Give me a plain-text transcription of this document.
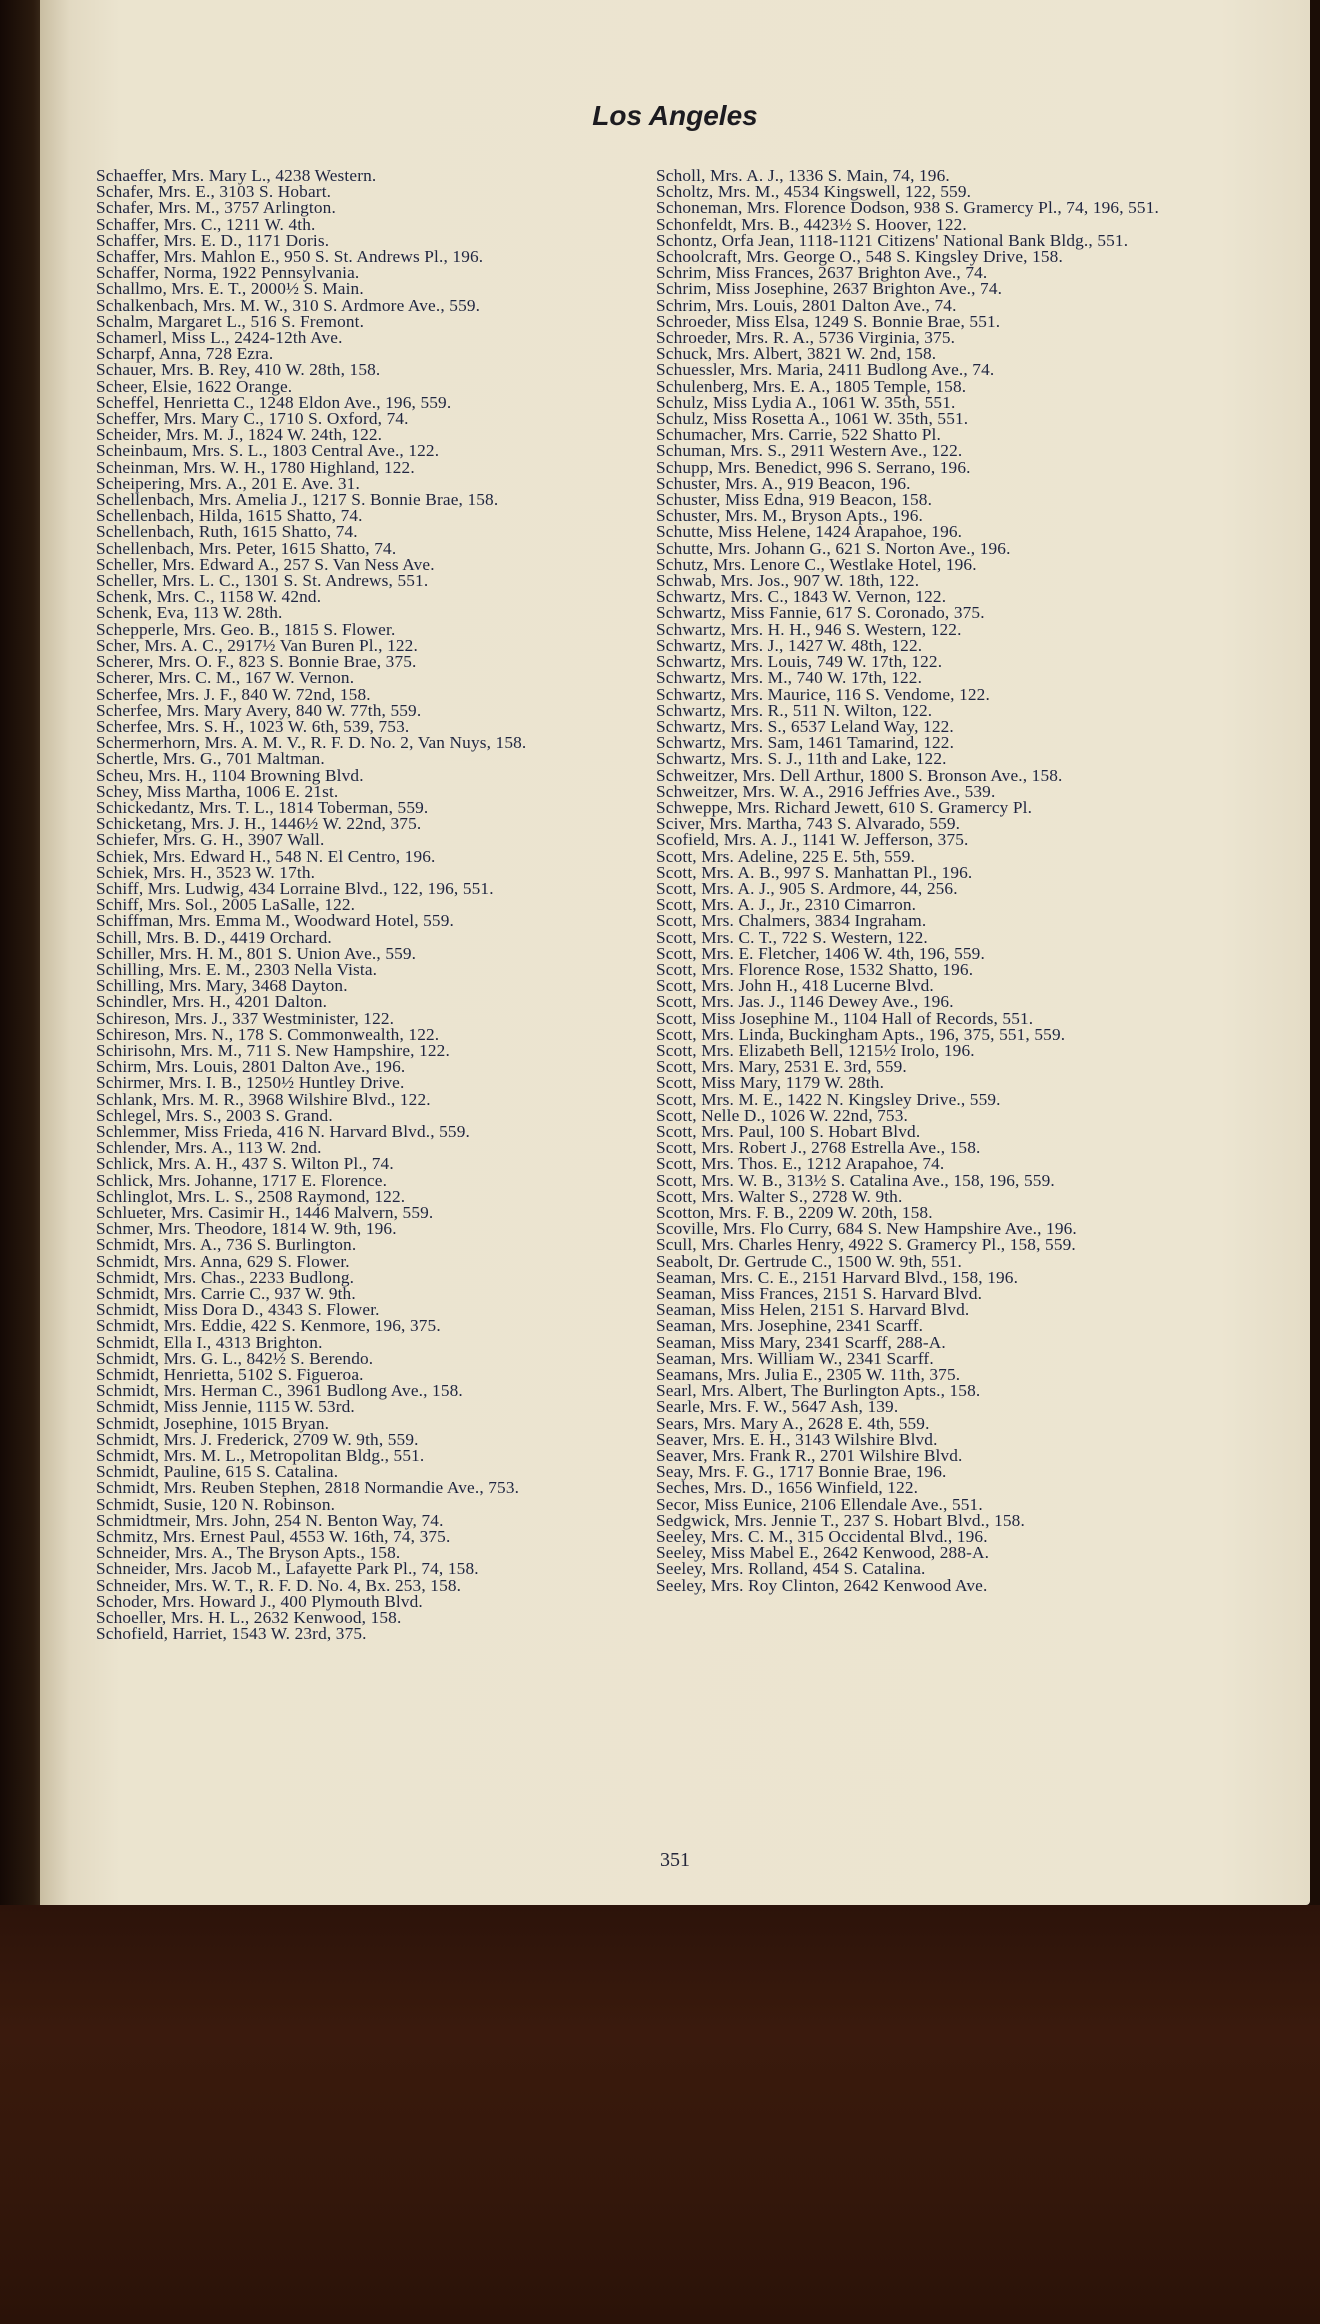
Los Angeles

Schaeffer, Mrs. Mary L., 4238 Western.

Schafer, Mrs. E., 3103 S. Hobart.

Schafer, Mrs. M., 3757 Arlington.

Schaffer, Mrs. C., 1211 W. 4th.

Schaffer, Mrs. E. D., 1171 Doris.

Schaffer, Mrs. Mahlon E., 950 S. St. Andrews Pl., 196.

Schaffer, Norma, 1922 Pennsylvania.

Schallmo, Mrs. E. T., 2000½ S. Main.

Schalkenbach, Mrs. M. W., 310 S. Ardmore Ave., 559.

Schalm, Margaret L., 516 S. Fremont.

Schamerl, Miss L., 2424-12th Ave.

Scharpf, Anna, 728 Ezra.

Schauer, Mrs. B. Rey, 410 W. 28th, 158.

Scheer, Elsie, 1622 Orange.

Scheffel, Henrietta C., 1248 Eldon Ave., 196, 559.

Scheffer, Mrs. Mary C., 1710 S. Oxford, 74.

Scheider, Mrs. M. J., 1824 W. 24th, 122.

Scheinbaum, Mrs. S. L., 1803 Central Ave., 122.

Scheinman, Mrs. W. H., 1780 Highland, 122.

Scheipering, Mrs. A., 201 E. Ave. 31.

Schellenbach, Mrs. Amelia J., 1217 S. Bonnie Brae, 158.

Schellenbach, Hilda, 1615 Shatto, 74.

Schellenbach, Ruth, 1615 Shatto, 74.

Schellenbach, Mrs. Peter, 1615 Shatto, 74.

Scheller, Mrs. Edward A., 257 S. Van Ness Ave.

Scheller, Mrs. L. C., 1301 S. St. Andrews, 551.

Schenk, Mrs. C., 1158 W. 42nd.

Schenk, Eva, 113 W. 28th.

Schepperle, Mrs. Geo. B., 1815 S. Flower.

Scher, Mrs. A. C., 2917½ Van Buren Pl., 122.

Scherer, Mrs. O. F., 823 S. Bonnie Brae, 375.

Scherer, Mrs. C. M., 167 W. Vernon.

Scherfee, Mrs. J. F., 840 W. 72nd, 158.

Scherfee, Mrs. Mary Avery, 840 W. 77th, 559.

Scherfee, Mrs. S. H., 1023 W. 6th, 539, 753.

Schermerhorn, Mrs. A. M. V., R. F. D. No. 2, Van Nuys, 158.

Schertle, Mrs. G., 701 Maltman.

Scheu, Mrs. H., 1104 Browning Blvd.

Schey, Miss Martha, 1006 E. 21st.

Schickedantz, Mrs. T. L., 1814 Toberman, 559.

Schicketang, Mrs. J. H., 1446½ W. 22nd, 375.

Schiefer, Mrs. G. H., 3907 Wall.

Schiek, Mrs. Edward H., 548 N. El Centro, 196.

Schiek, Mrs. H., 3523 W. 17th.

Schiff, Mrs. Ludwig, 434 Lorraine Blvd., 122, 196, 551.

Schiff, Mrs. Sol., 2005 LaSalle, 122.

Schiffman, Mrs. Emma M., Woodward Hotel, 559.

Schill, Mrs. B. D., 4419 Orchard.

Schiller, Mrs. H. M., 801 S. Union Ave., 559.

Schilling, Mrs. E. M., 2303 Nella Vista.

Schilling, Mrs. Mary, 3468 Dayton.

Schindler, Mrs. H., 4201 Dalton.

Schireson, Mrs. J., 337 Westminister, 122.

Schireson, Mrs. N., 178 S. Commonwealth, 122.

Schirisohn, Mrs. M., 711 S. New Hampshire, 122.

Schirm, Mrs. Louis, 2801 Dalton Ave., 196.

Schirmer, Mrs. I. B., 1250½ Huntley Drive.

Schlank, Mrs. M. R., 3968 Wilshire Blvd., 122.

Schlegel, Mrs. S., 2003 S. Grand.

Schlemmer, Miss Frieda, 416 N. Harvard Blvd., 559.

Schlender, Mrs. A., 113 W. 2nd.

Schlick, Mrs. A. H., 437 S. Wilton Pl., 74.

Schlick, Mrs. Johanne, 1717 E. Florence.

Schlinglot, Mrs. L. S., 2508 Raymond, 122.

Schlueter, Mrs. Casimir H., 1446 Malvern, 559.

Schmer, Mrs. Theodore, 1814 W. 9th, 196.

Schmidt, Mrs. A., 736 S. Burlington.

Schmidt, Mrs. Anna, 629 S. Flower.

Schmidt, Mrs. Chas., 2233 Budlong.

Schmidt, Mrs. Carrie C., 937 W. 9th.

Schmidt, Miss Dora D., 4343 S. Flower.

Schmidt, Mrs. Eddie, 422 S. Kenmore, 196, 375.

Schmidt, Ella I., 4313 Brighton.

Schmidt, Mrs. G. L., 842½ S. Berendo.

Schmidt, Henrietta, 5102 S. Figueroa.

Schmidt, Mrs. Herman C., 3961 Budlong Ave., 158.

Schmidt, Miss Jennie, 1115 W. 53rd.

Schmidt, Josephine, 1015 Bryan.

Schmidt, Mrs. J. Frederick, 2709 W. 9th, 559.

Schmidt, Mrs. M. L., Metropolitan Bldg., 551.

Schmidt, Pauline, 615 S. Catalina.

Schmidt, Mrs. Reuben Stephen, 2818 Normandie Ave., 753.

Schmidt, Susie, 120 N. Robinson.

Schmidtmeir, Mrs. John, 254 N. Benton Way, 74.

Schmitz, Mrs. Ernest Paul, 4553 W. 16th, 74, 375.

Schneider, Mrs. A., The Bryson Apts., 158.

Schneider, Mrs. Jacob M., Lafayette Park Pl., 74, 158.

Schneider, Mrs. W. T., R. F. D. No. 4, Bx. 253, 158.

Schoder, Mrs. Howard J., 400 Plymouth Blvd.

Schoeller, Mrs. H. L., 2632 Kenwood, 158.

Schofield, Harriet, 1543 W. 23rd, 375.

Scholl, Mrs. A. J., 1336 S. Main, 74, 196.

Scholtz, Mrs. M., 4534 Kingswell, 122, 559.

Schoneman, Mrs. Florence Dodson, 938 S. Gramercy Pl., 74, 196, 551.

Schonfeldt, Mrs. B., 4423½ S. Hoover, 122.

Schontz, Orfa Jean, 1118-1121 Citizens' National Bank Bldg., 551.

Schoolcraft, Mrs. George O., 548 S. Kingsley Drive, 158.

Schrim, Miss Frances, 2637 Brighton Ave., 74.

Schrim, Miss Josephine, 2637 Brighton Ave., 74.

Schrim, Mrs. Louis, 2801 Dalton Ave., 74.

Schroeder, Miss Elsa, 1249 S. Bonnie Brae, 551.

Schroeder, Mrs. R. A., 5736 Virginia, 375.

Schuck, Mrs. Albert, 3821 W. 2nd, 158.

Schuessler, Mrs. Maria, 2411 Budlong Ave., 74.

Schulenberg, Mrs. E. A., 1805 Temple, 158.

Schulz, Miss Lydia A., 1061 W. 35th, 551.

Schulz, Miss Rosetta A., 1061 W. 35th, 551.

Schumacher, Mrs. Carrie, 522 Shatto Pl.

Schuman, Mrs. S., 2911 Western Ave., 122.

Schupp, Mrs. Benedict, 996 S. Serrano, 196.

Schuster, Mrs. A., 919 Beacon, 196.

Schuster, Miss Edna, 919 Beacon, 158.

Schuster, Mrs. M., Bryson Apts., 196.

Schutte, Miss Helene, 1424 Arapahoe, 196.

Schutte, Mrs. Johann G., 621 S. Norton Ave., 196.

Schutz, Mrs. Lenore C., Westlake Hotel, 196.

Schwab, Mrs. Jos., 907 W. 18th, 122.

Schwartz, Mrs. C., 1843 W. Vernon, 122.

Schwartz, Miss Fannie, 617 S. Coronado, 375.

Schwartz, Mrs. H. H., 946 S. Western, 122.

Schwartz, Mrs. J., 1427 W. 48th, 122.

Schwartz, Mrs. Louis, 749 W. 17th, 122.

Schwartz, Mrs. M., 740 W. 17th, 122.

Schwartz, Mrs. Maurice, 116 S. Vendome, 122.

Schwartz, Mrs. R., 511 N. Wilton, 122.

Schwartz, Mrs. S., 6537 Leland Way, 122.

Schwartz, Mrs. Sam, 1461 Tamarind, 122.

Schwartz, Mrs. S. J., 11th and Lake, 122.

Schweitzer, Mrs. Dell Arthur, 1800 S. Bronson Ave., 158.

Schweitzer, Mrs. W. A., 2916 Jeffries Ave., 539.

Schweppe, Mrs. Richard Jewett, 610 S. Gramercy Pl.

Sciver, Mrs. Martha, 743 S. Alvarado, 559.

Scofield, Mrs. A. J., 1141 W. Jefferson, 375.

Scott, Mrs. Adeline, 225 E. 5th, 559.

Scott, Mrs. A. B., 997 S. Manhattan Pl., 196.

Scott, Mrs. A. J., 905 S. Ardmore, 44, 256.

Scott, Mrs. A. J., Jr., 2310 Cimarron.

Scott, Mrs. Chalmers, 3834 Ingraham.

Scott, Mrs. C. T., 722 S. Western, 122.

Scott, Mrs. E. Fletcher, 1406 W. 4th, 196, 559.

Scott, Mrs. Florence Rose, 1532 Shatto, 196.

Scott, Mrs. John H., 418 Lucerne Blvd.

Scott, Mrs. Jas. J., 1146 Dewey Ave., 196.

Scott, Miss Josephine M., 1104 Hall of Records, 551.

Scott, Mrs. Linda, Buckingham Apts., 196, 375, 551, 559.

Scott, Mrs. Elizabeth Bell, 1215½ Irolo, 196.

Scott, Mrs. Mary, 2531 E. 3rd, 559.

Scott, Miss Mary, 1179 W. 28th.

Scott, Mrs. M. E., 1422 N. Kingsley Drive., 559.

Scott, Nelle D., 1026 W. 22nd, 753.

Scott, Mrs. Paul, 100 S. Hobart Blvd.

Scott, Mrs. Robert J., 2768 Estrella Ave., 158.

Scott, Mrs. Thos. E., 1212 Arapahoe, 74.

Scott, Mrs. W. B., 313½ S. Catalina Ave., 158, 196, 559.

Scott, Mrs. Walter S., 2728 W. 9th.

Scotton, Mrs. F. B., 2209 W. 20th, 158.

Scoville, Mrs. Flo Curry, 684 S. New Hampshire Ave., 196.

Scull, Mrs. Charles Henry, 4922 S. Gramercy Pl., 158, 559.

Seabolt, Dr. Gertrude C., 1500 W. 9th, 551.

Seaman, Mrs. C. E., 2151 Harvard Blvd., 158, 196.

Seaman, Miss Frances, 2151 S. Harvard Blvd.

Seaman, Miss Helen, 2151 S. Harvard Blvd.

Seaman, Mrs. Josephine, 2341 Scarff.

Seaman, Miss Mary, 2341 Scarff, 288-A.

Seaman, Mrs. William W., 2341 Scarff.

Seamans, Mrs. Julia E., 2305 W. 11th, 375.

Searl, Mrs. Albert, The Burlington Apts., 158.

Searle, Mrs. F. W., 5647 Ash, 139.

Sears, Mrs. Mary A., 2628 E. 4th, 559.

Seaver, Mrs. E. H., 3143 Wilshire Blvd.

Seaver, Mrs. Frank R., 2701 Wilshire Blvd.

Seay, Mrs. F. G., 1717 Bonnie Brae, 196.

Seches, Mrs. D., 1656 Winfield, 122.

Secor, Miss Eunice, 2106 Ellendale Ave., 551.

Sedgwick, Mrs. Jennie T., 237 S. Hobart Blvd., 158.

Seeley, Mrs. C. M., 315 Occidental Blvd., 196.

Seeley, Miss Mabel E., 2642 Kenwood, 288-A.

Seeley, Mrs. Rolland, 454 S. Catalina.

Seeley, Mrs. Roy Clinton, 2642 Kenwood Ave.

351
